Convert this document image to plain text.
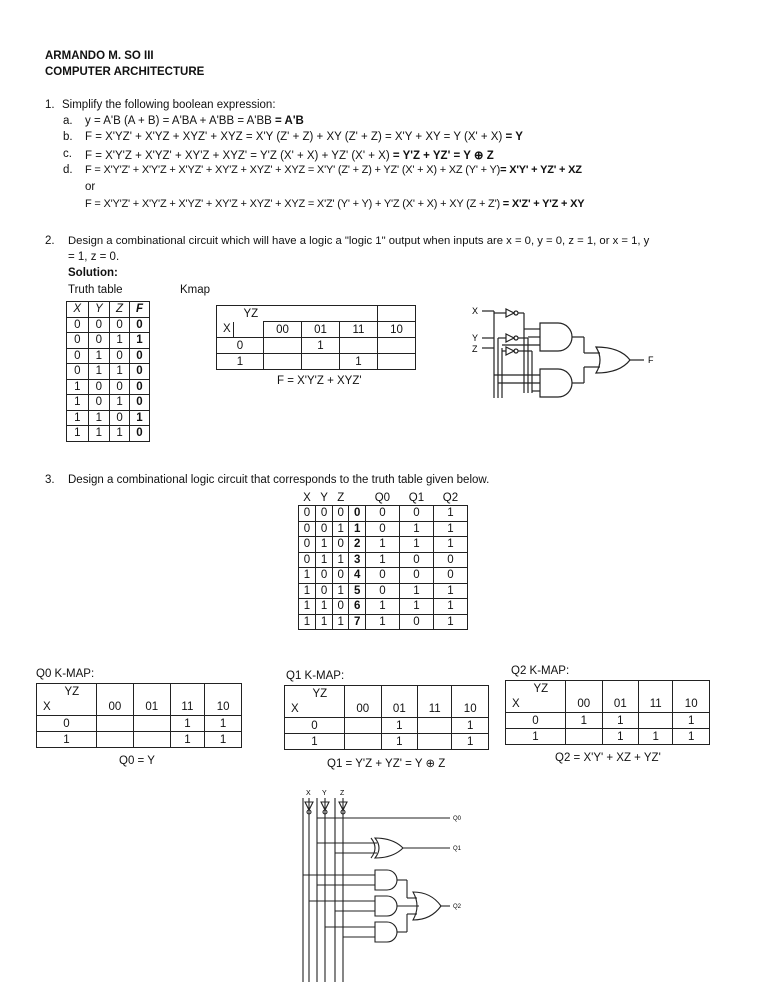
ARMANDO M. SO III
COMPUTER ARCHITECTURE
1. Simplify the following boolean expression:
a. y = A'B (A + B) = A'BA + A'BB = A'BB = A'B
b. F = X'YZ' + X'YZ + XYZ' + XYZ = X'Y (Z' + Z) + XY (Z' + Z) = X'Y + XY = Y (X' + X) = Y
c. F = X'Y'Z + X'YZ' + XY'Z + XYZ' = Y'Z (X' + X) + YZ' (X' + X) = Y'Z + YZ' = Y ⊕ Z
d. F = X'Y'Z' + X'Y'Z + X'YZ' + XY'Z + XYZ' + XYZ = X'Y' (Z' + Z) + YZ' (X' + X) + XZ (Y' + Y)= X'Y' + YZ' + XZ
or
F = X'Y'Z' + X'Y'Z + X'YZ' + XY'Z + XYZ' + XYZ = X'Z' (Y' + Y) + Y'Z (X' + X) + XY (Z + Z') = X'Z' + Y'Z + XY
2. Design a combinational circuit which will have a logic a "logic 1" output when inputs are x = 0, y = 0, z = 1, or x = 1, y
= 1, z = 0.
Solution:
Truth table	Kmap
X	Y	Z	F
0	0	0	0
0	0	1	1
0	1	0	0
0	1	1	0
1	0	0	0
1	0	1	0
1	1	0	1
1	1	1	0
	YZ				
X		00	01	11	10
0			1		
1				1	
F = X'Y'Z + XYZ'
X
Y
Z
F
3. Design a combinational logic circuit that corresponds to the truth table given below.
X	Y	Z		Q0	Q1	Q2
0	0	0	0	0	0	1
0	0	1	1	0	1	1
0	1	0	2	1	1	1
0	1	1	3	1	0	0
1	0	0	4	0	0	0
1	0	1	5	0	1	1
1	1	0	6	1	1	1
1	1	1	7	1	0	1
Q0 K-MAP:
	YZ				
X		00	01	11	10
0				1	1
1				1	1
Q0 = Y
Q1 K-MAP:
	YZ				
X		00	01	11	10
0			1		1
1			1		1
Q1 = Y'Z + YZ' = Y ⊕ Z
Q2 K-MAP:
	YZ				
X		00	01	11	10
0		1	1		1
1			1	1	1
Q2 = X'Y' + XZ + YZ'
X Y Z
Q0
Q1
Q2
